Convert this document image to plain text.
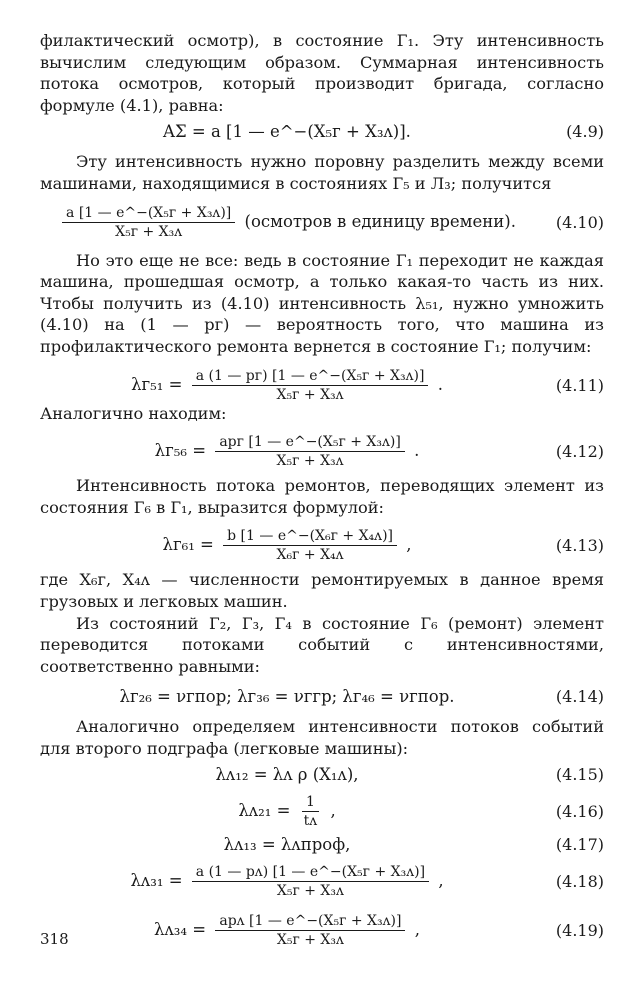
филактический осмотр), в состояние Г₁. Эту интенсивность вычислим следующим образом. Суммарная интенсивность потока осмотров, который производит бригада, согласно формуле (4.1), равна:

AΣ = a [1 — e^−(X₅ᴦ + X₃ᴧ)].	(4.9)

Эту интенсивность нужно поровну разделить между всеми машинами, находящимися в состояниях Г₅ и Л₃; получится

$\frac{\text{a [1 — e\textasciicircum{}−(X₅ᴦ + X₃ᴧ)]}}{\text{X₅ᴦ + X₃ᴧ}}$ (осмотров в единицу времени).	(4.10)

Но это еще не все: ведь в состояние Г₁ переходит не каждая машина, прошедшая осмотр, а только какая-то часть из них. Чтобы получить из (4.10) интенсивность λ₅₁, нужно умножить (4.10) на (1 — pᴦ) — вероятность того, что машина из профилактического ремонта вернется в состояние Г₁; получим:

λᴦ₅₁ = $\frac{\text{a (1 — pᴦ) [1 — e\textasciicircum{}−(X₅ᴦ + X₃ᴧ)]}}{\text{X₅ᴦ + X₃ᴧ}}$ .	(4.11)

Аналогично находим:

λᴦ₅₆ = $\frac{\text{apᴦ [1 — e\textasciicircum{}−(X₅ᴦ + X₃ᴧ)]}}{\text{X₅ᴦ + X₃ᴧ}}$ .	(4.12)

Интенсивность потока ремонтов, переводящих элемент из состояния Г₆ в Г₁, выразится формулой:

λᴦ₆₁ = $\frac{\text{b [1 — e\textasciicircum{}−(X₆ᴦ + X₄ᴧ)]}}{\text{X₆ᴦ + X₄ᴧ}}$ ,	(4.13)

где X₆ᴦ, X₄ᴧ — численности ремонтируемых в данное время грузовых и легковых машин.

Из состояний Г₂, Г₃, Г₄ в состояние Г₆ (ремонт) элемент переводится потоками событий с интенсивностями, соответственно равными:

λᴦ₂₆ = νᴦпор; λᴦ₃₆ = νᴦгр; λᴦ₄₆ = νᴦпор.	(4.14)

Аналогично определяем интенсивности потоков событий для второго подграфа (легковые машины):

λᴧ₁₂ = λᴧ ρ (X₁ᴧ),	(4.15)
λᴧ₂₁ = $\frac{1}{\text{tᴧ}}$ ,	(4.16)
λᴧ₁₃ = λᴧпроф,	(4.17)
λᴧ₃₁ = $\frac{\text{a (1 — pᴧ) [1 — e\textasciicircum{}−(X₅ᴦ + X₃ᴧ)]}}{\text{X₅ᴦ + X₃ᴧ}}$ ,	(4.18)
λᴧ₃₄ = $\frac{\text{apᴧ [1 — e\textasciicircum{}−(X₅ᴦ + X₃ᴧ)]}}{\text{X₅ᴦ + X₃ᴧ}}$ ,	(4.19)
318
